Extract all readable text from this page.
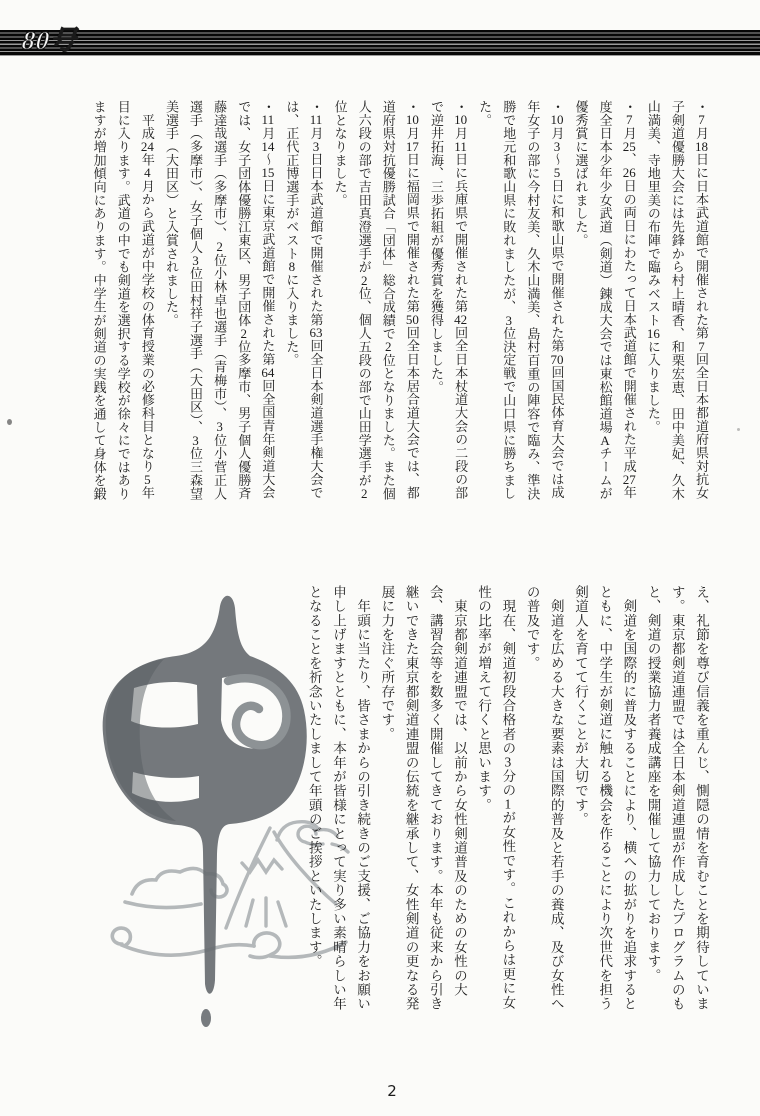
80号

・7月18日に日本武道館で開催された第7回全日本都道府県対抗女子剣道優勝大会には先鋒から村上晴香、和栗宏恵、田中美妃、久木山満美、寺地里美の布陣で臨みベスト16に入りました。

・7月25、26日の両日にわたって日本武道館で開催された平成27年度全日本少年少女武道（剣道）錬成大会では東松館道場Aチームが優秀賞に選ばれました。

・10月3～5日に和歌山県で開催された第70回国民体育大会では成年女子の部に今村友美、久木山満美、島村百重の陣容で臨み、準決勝で地元和歌山県に敗れましたが、3位決定戦で山口県に勝ちました。

・10月11日に兵庫県で開催された第42回全日本杖道大会の二段の部で逆井拓海、三歩拓組が優秀賞を獲得しました。

・10月17日に福岡県で開催された第50回全日本居合道大会では、都道府県対抗優勝試合「団体」総合成績で2位となりました。また個人六段の部で吉田真澄選手が2位、個人五段の部で山田学選手が2位となりました。

・11月3日日本武道館で開催された第63回全日本剣道選手権大会では、正代正博選手がベスト8に入りました。

・11月14～15日に東京武道館で開催された第64回全国青年剣道大会では、女子団体優勝江東区、男子団体2位多摩市、男子個人優勝斉藤達哉選手（多摩市）、2位小林卓也選手（青梅市）、3位小菅正人選手（多摩市）、女子個人3位田村祥子選手（大田区）、3位三森望美選手（大田区）と入賞されました。

　平成24年4月から武道が中学校の体育授業の必修科目となり5年目に入ります。武道の中でも剣道を選択する学校が徐々にではありますが増加傾向にあります。中学生が剣道の実践を通して身体を鍛

え、礼節を尊び信義を重んじ、惻隠の情を育むことを期待しています。東京都剣道連盟では全日本剣道連盟が作成したプログラムのもと、剣道の授業協力者養成講座を開催して協力しております。

　剣道を国際的に普及することにより、横への拡がりを追求するとともに、中学生が剣道に触れる機会を作ることにより次世代を担う剣道人を育てて行くことが大切です。

　剣道を広める大きな要素は国際的普及と若手の養成、及び女性への普及です。

　現在、剣道初段合格者の3分の1が女性です。これからは更に女性の比率が増えて行くと思います。

　東京都剣道連盟では、以前から女性剣道普及のための女性の大会、講習会等を数多く開催してきております。本年も従来から引き継いできた東京都剣道連盟の伝統を継承して、女性剣道の更なる発展に力を注ぐ所存です。

　年頭に当たり、皆さまからの引き続きのご支援、ご協力をお願い申し上げますとともに、本年が皆様にとって実り多い素晴らしい年となることを祈念いたしまして年頭のご挨拶といたします。

2
